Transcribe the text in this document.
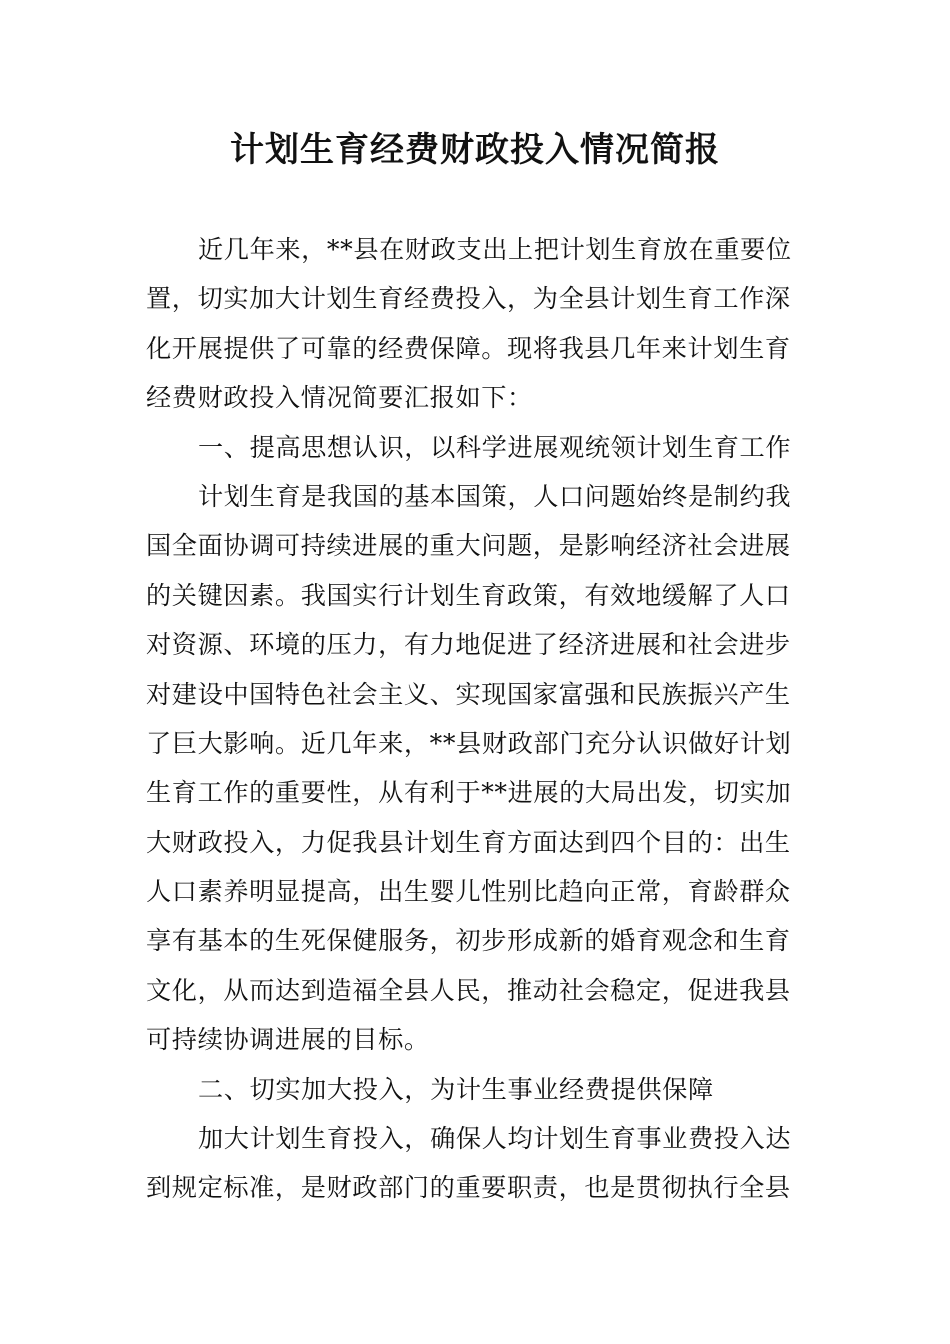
计划生育经费财政投入情况简报
近几年来，**县在财政支出上把计划生育放在重要位
置，切实加大计划生育经费投入，为全县计划生育工作深
化开展提供了可靠的经费保障。现将我县几年来计划生育
经费财政投入情况简要汇报如下：
一、提高思想认识，以科学进展观统领计划生育工作
计划生育是我国的基本国策，人口问题始终是制约我
国全面协调可持续进展的重大问题，是影响经济社会进展
的关键因素。我国实行计划生育政策，有效地缓解了人口
对资源、环境的压力，有力地促进了经济进展和社会进步
对建设中国特色社会主义、实现国家富强和民族振兴产生
了巨大影响。近几年来，**县财政部门充分认识做好计划
生育工作的重要性，从有利于**进展的大局出发，切实加
大财政投入，力促我县计划生育方面达到四个目的：出生
人口素养明显提高，出生婴儿性别比趋向正常，育龄群众
享有基本的生死保健服务，初步形成新的婚育观念和生育
文化，从而达到造福全县人民，推动社会稳定，促进我县
可持续协调进展的目标。
二、切实加大投入，为计生事业经费提供保障
加大计划生育投入，确保人均计划生育事业费投入达
到规定标准，是财政部门的重要职责，也是贯彻执行全县
